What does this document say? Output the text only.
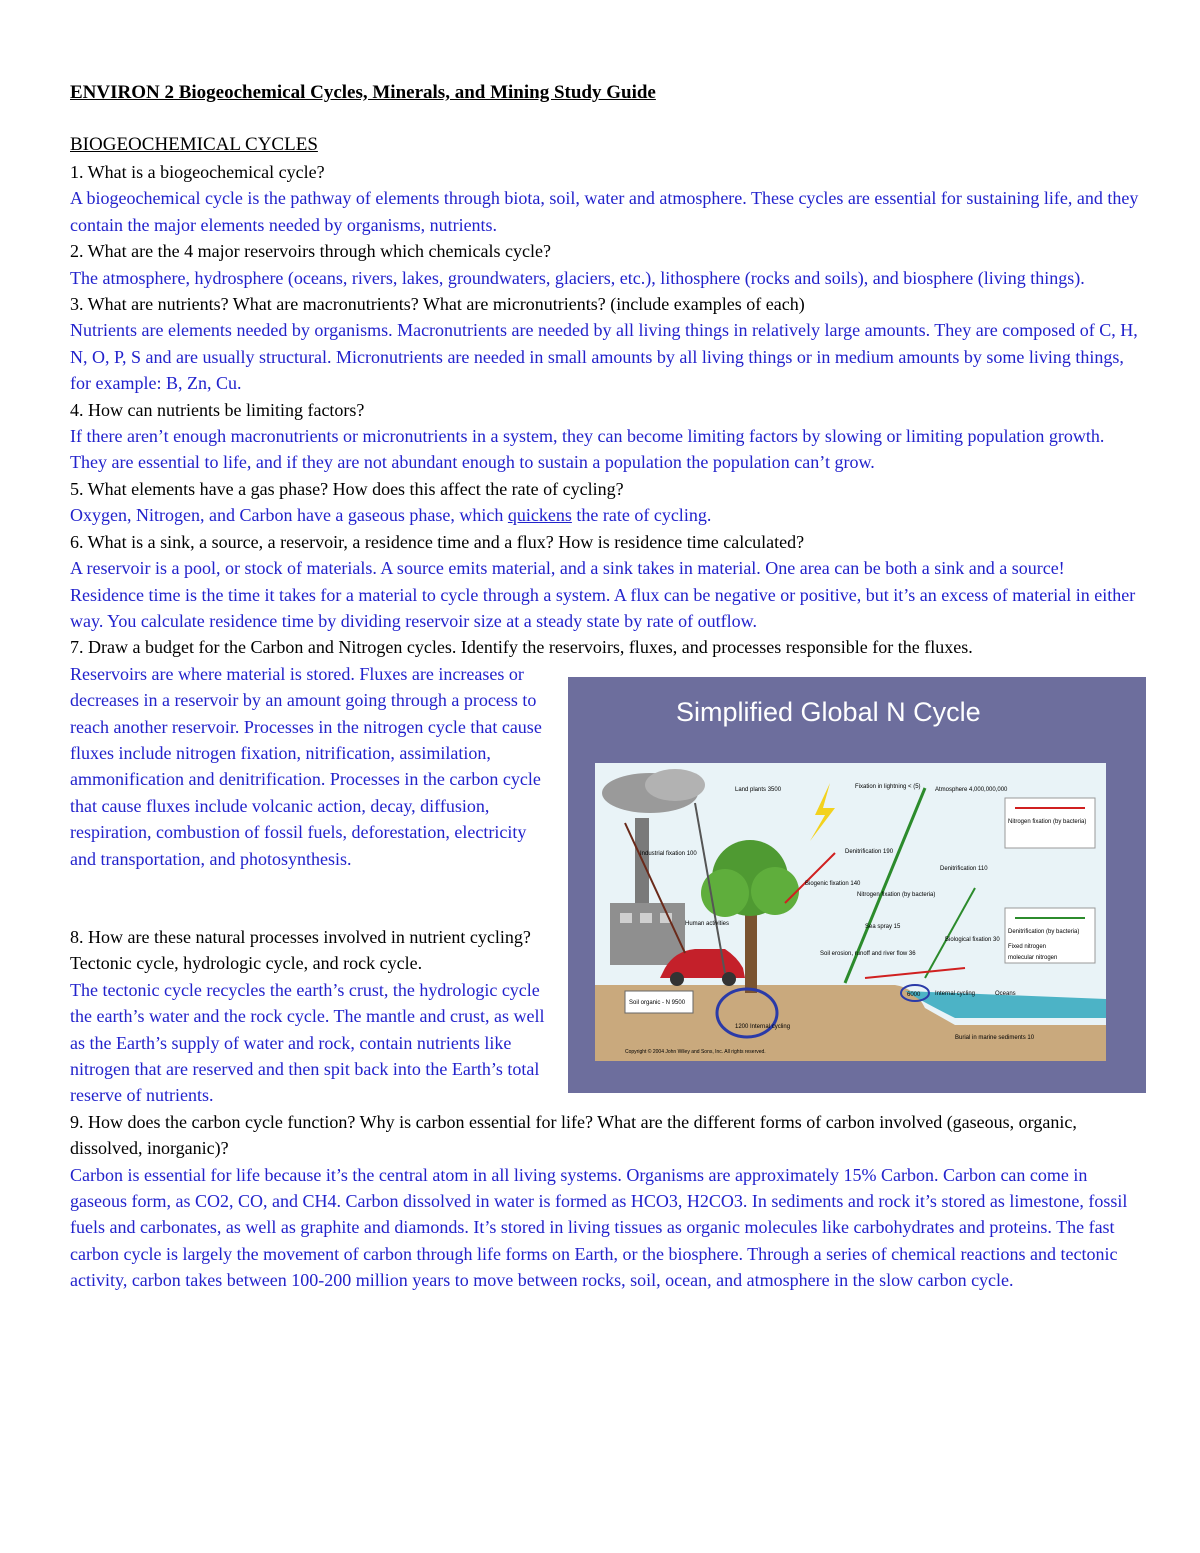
ENVIRON 2 Biogeochemical Cycles, Minerals, and Mining Study Guide
BIOGEOCHEMICAL CYCLES
1. What is a biogeochemical cycle?
A biogeochemical cycle is the pathway of elements through biota, soil, water and atmosphere. These cycles are essential for sustaining life, and they contain the major elements needed by organisms, nutrients.
2. What are the 4 major reservoirs through which chemicals cycle?
The atmosphere, hydrosphere (oceans, rivers, lakes, groundwaters, glaciers, etc.), lithosphere (rocks and soils), and biosphere (living things).
3. What are nutrients? What are macronutrients? What are micronutrients? (include examples of each)
Nutrients are elements needed by organisms. Macronutrients are needed by all living things in relatively large amounts. They are composed of C, H, N, O, P, S and are usually structural. Micronutrients are needed in small amounts by all living things or in medium amounts by some living things, for example: B, Zn, Cu.
4. How can nutrients be limiting factors?
If there aren’t enough macronutrients or micronutrients in a system, they can become limiting factors by slowing or limiting population growth. They are essential to life, and if they are not abundant enough to sustain a population the population can’t grow.
5. What elements have a gas phase? How does this affect the rate of cycling?
Oxygen, Nitrogen, and Carbon have a gaseous phase, which quickens the rate of cycling.
6. What is a sink, a source, a reservoir, a residence time and a flux? How is residence time calculated?
A reservoir is a pool, or stock of materials. A source emits material, and a sink takes in material. One area can be both a sink and a source! Residence time is the time it takes for a material to cycle through a system. A flux can be negative or positive, but it’s an excess of material in either way. You calculate residence time by dividing reservoir size at a steady state by rate of outflow.
7. Draw a budget for the Carbon and Nitrogen cycles. Identify the reservoirs, fluxes, and processes responsible for the fluxes.
Simplified Global N Cycle
Land plants 3500	Fixation in lightning < (5) Atmosphere 4,000,000,000
Nitrogen fixation (by bacteria)
Industrial fixation 100	Denitrification 190
Denitrification 110
Biogenic fixation 140
Nitrogen fixation (by bacteria)
Human activities	Sea spray 15
Biological fixation 30
Soil erosion, runoff and river flow 36
Denitrification (by bacteria)
Fixed nitrogen
molecular nitrogen
Soil organic - N 9500
1200 Internal cycling
6000 Internal cycling	Oceans
Burial in marine sediments 10
Copyright © 2004 John Wiley and Sons, Inc. All rights reserved.
Reservoirs are where material is stored. Fluxes are increases or decreases in a reservoir by an amount going through a process to reach another reservoir. Processes in the nitrogen cycle that cause fluxes include nitrogen fixation, nitrification, assimilation, ammonification and denitrification. Processes in the carbon cycle that cause fluxes include volcanic action, decay, diffusion, respiration, combustion of fossil fuels, deforestation, electricity and transportation, and photosynthesis.
8. How are these natural processes involved in nutrient cycling? Tectonic cycle, hydrologic cycle, and rock cycle.
The tectonic cycle recycles the earth’s crust, the hydrologic cycle the earth’s water and the rock cycle. The mantle and crust, as well as the Earth’s supply of water and rock, contain nutrients like nitrogen that are reserved and then spit back into the Earth’s total reserve of nutrients.
9. How does the carbon cycle function? Why is carbon essential for life? What are the different forms of carbon involved (gaseous, organic, dissolved, inorganic)?
Carbon is essential for life because it’s the central atom in all living systems. Organisms are approximately 15% Carbon. Carbon can come in gaseous form, as CO2, CO, and CH4. Carbon dissolved in water is formed as HCO3, H2CO3. In sediments and rock it’s stored as limestone, fossil fuels and carbonates, as well as graphite and diamonds. It’s stored in living tissues as organic molecules like carbohydrates and proteins. The fast carbon cycle is largely the movement of carbon through life forms on Earth, or the biosphere. Through a series of chemical reactions and tectonic activity, carbon takes between 100-200 million years to move between rocks, soil, ocean, and atmosphere in the slow carbon cycle.
